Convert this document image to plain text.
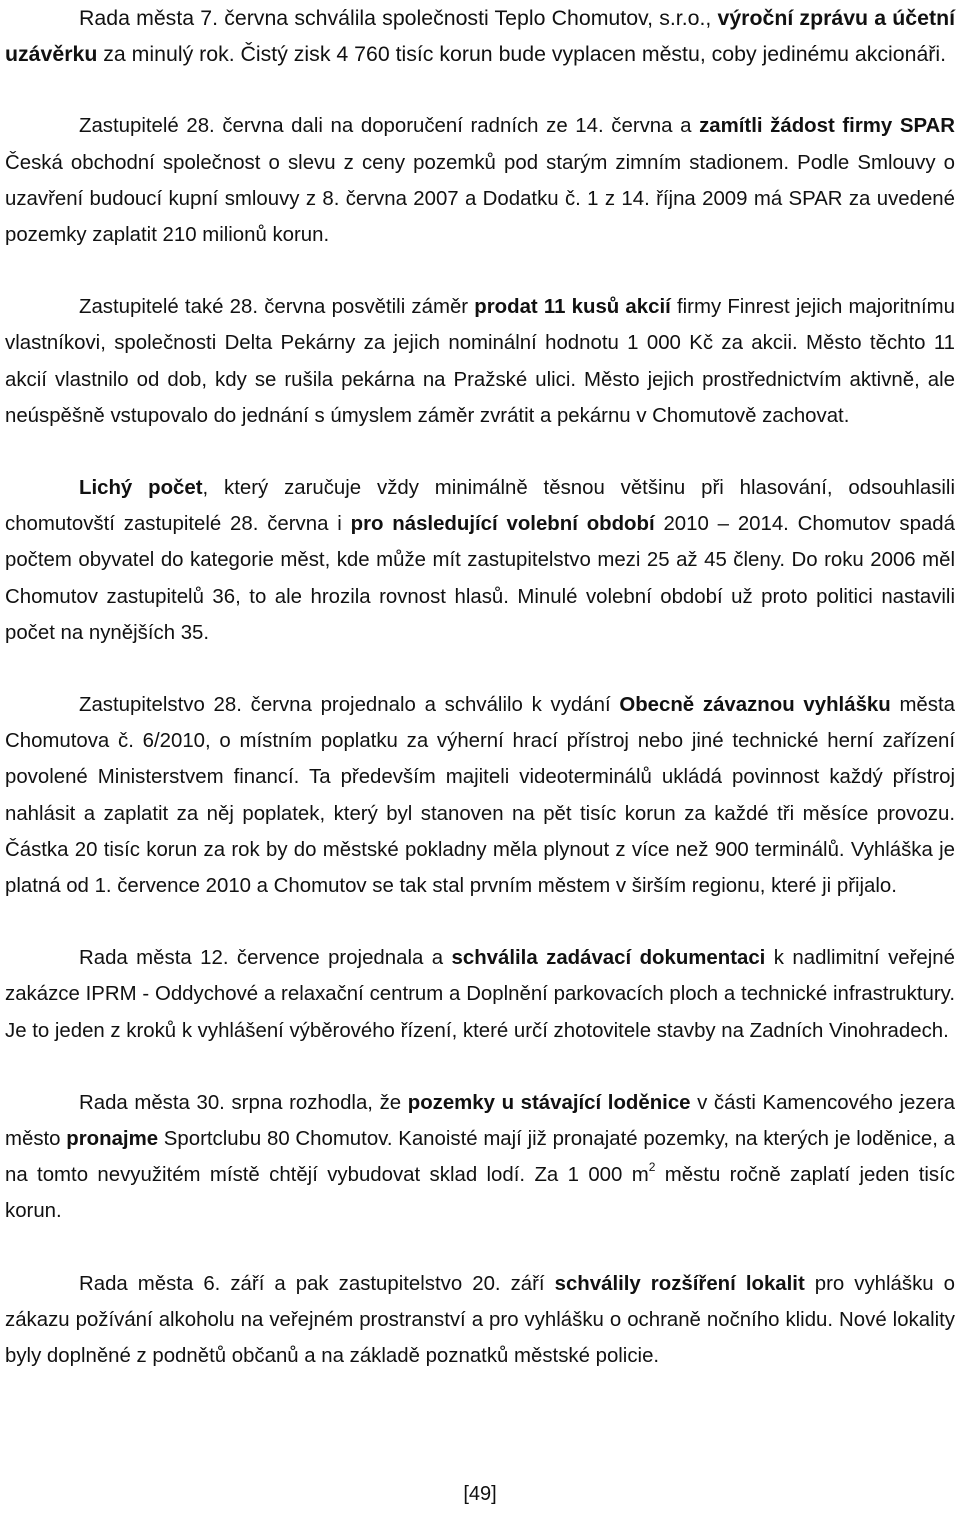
Rada města 7. června schválila společnosti Teplo Chomutov, s.r.o., výroční zprávu a účetní uzávěrku za minulý rok. Čistý zisk 4 760 tisíc korun bude vyplacen městu, coby jedinému akcionáři.

Zastupitelé 28. června dali na doporučení radních ze 14. června a zamítli žádost firmy SPAR Česká obchodní společnost o slevu z ceny pozemků pod starým zimním stadionem. Podle Smlouvy o uzavření budoucí kupní smlouvy z 8. června 2007 a Dodatku č. 1 z 14. října 2009 má SPAR za uvedené pozemky zaplatit 210 milionů korun.

Zastupitelé také 28. června posvětili záměr prodat 11 kusů akcií firmy Finrest jejich majoritnímu vlastníkovi, společnosti Delta Pekárny za jejich nominální hodnotu 1 000 Kč za akcii. Město těchto 11 akcií vlastnilo od dob, kdy se rušila pekárna na Pražské ulici. Město jejich prostřednictvím aktivně, ale neúspěšně vstupovalo do jednání s úmyslem záměr zvrátit a pekárnu v Chomutově zachovat.

Lichý počet, který zaručuje vždy minimálně těsnou většinu při hlasování, odsouhlasili chomutovští zastupitelé 28. června i pro následující volební období 2010 – 2014. Chomutov spadá počtem obyvatel do kategorie měst, kde může mít zastupitelstvo mezi 25 až 45 členy. Do roku 2006 měl Chomutov zastupitelů 36, to ale hrozila rovnost hlasů. Minulé volební období už proto politici nastavili počet na nynějších 35.

Zastupitelstvo 28. června projednalo a schválilo k vydání Obecně závaznou vyhlášku města Chomutova č. 6/2010, o místním poplatku za výherní hrací přístroj nebo jiné technické herní zařízení povolené Ministerstvem financí. Ta především majiteli videoterminálů ukládá povinnost každý přístroj nahlásit a zaplatit za něj poplatek, který byl stanoven na pět tisíc korun za každé tři měsíce provozu. Částka 20 tisíc korun za rok by do městské pokladny měla plynout z více než 900 terminálů. Vyhláška je platná od 1. července 2010 a Chomutov se tak stal prvním městem v širším regionu, které ji přijalo.

Rada města 12. července projednala a schválila zadávací dokumentaci k nadlimitní veřejné zakázce IPRM - Oddychové a relaxační centrum a Doplnění parkovacích ploch a technické infrastruktury. Je to jeden z kroků k vyhlášení výběrového řízení, které určí zhotovitele stavby na Zadních Vinohradech.

Rada města 30. srpna rozhodla, že pozemky u stávající loděnice v části Kamencového jezera město pronajme Sportclubu 80 Chomutov. Kanoisté mají již pronajaté pozemky, na kterých je loděnice, a na tomto nevyužitém místě chtějí vybudovat sklad lodí. Za 1 000 $m^2$ městu ročně zaplatí jeden tisíc korun.

Rada města 6. září a pak zastupitelstvo 20. září schválily rozšíření lokalit pro vyhlášku o zákazu požívání alkoholu na veřejném prostranství a pro vyhlášku o ochraně nočního klidu. Nové lokality byly doplněné z podnětů občanů a na základě poznatků městské policie.

[49]
